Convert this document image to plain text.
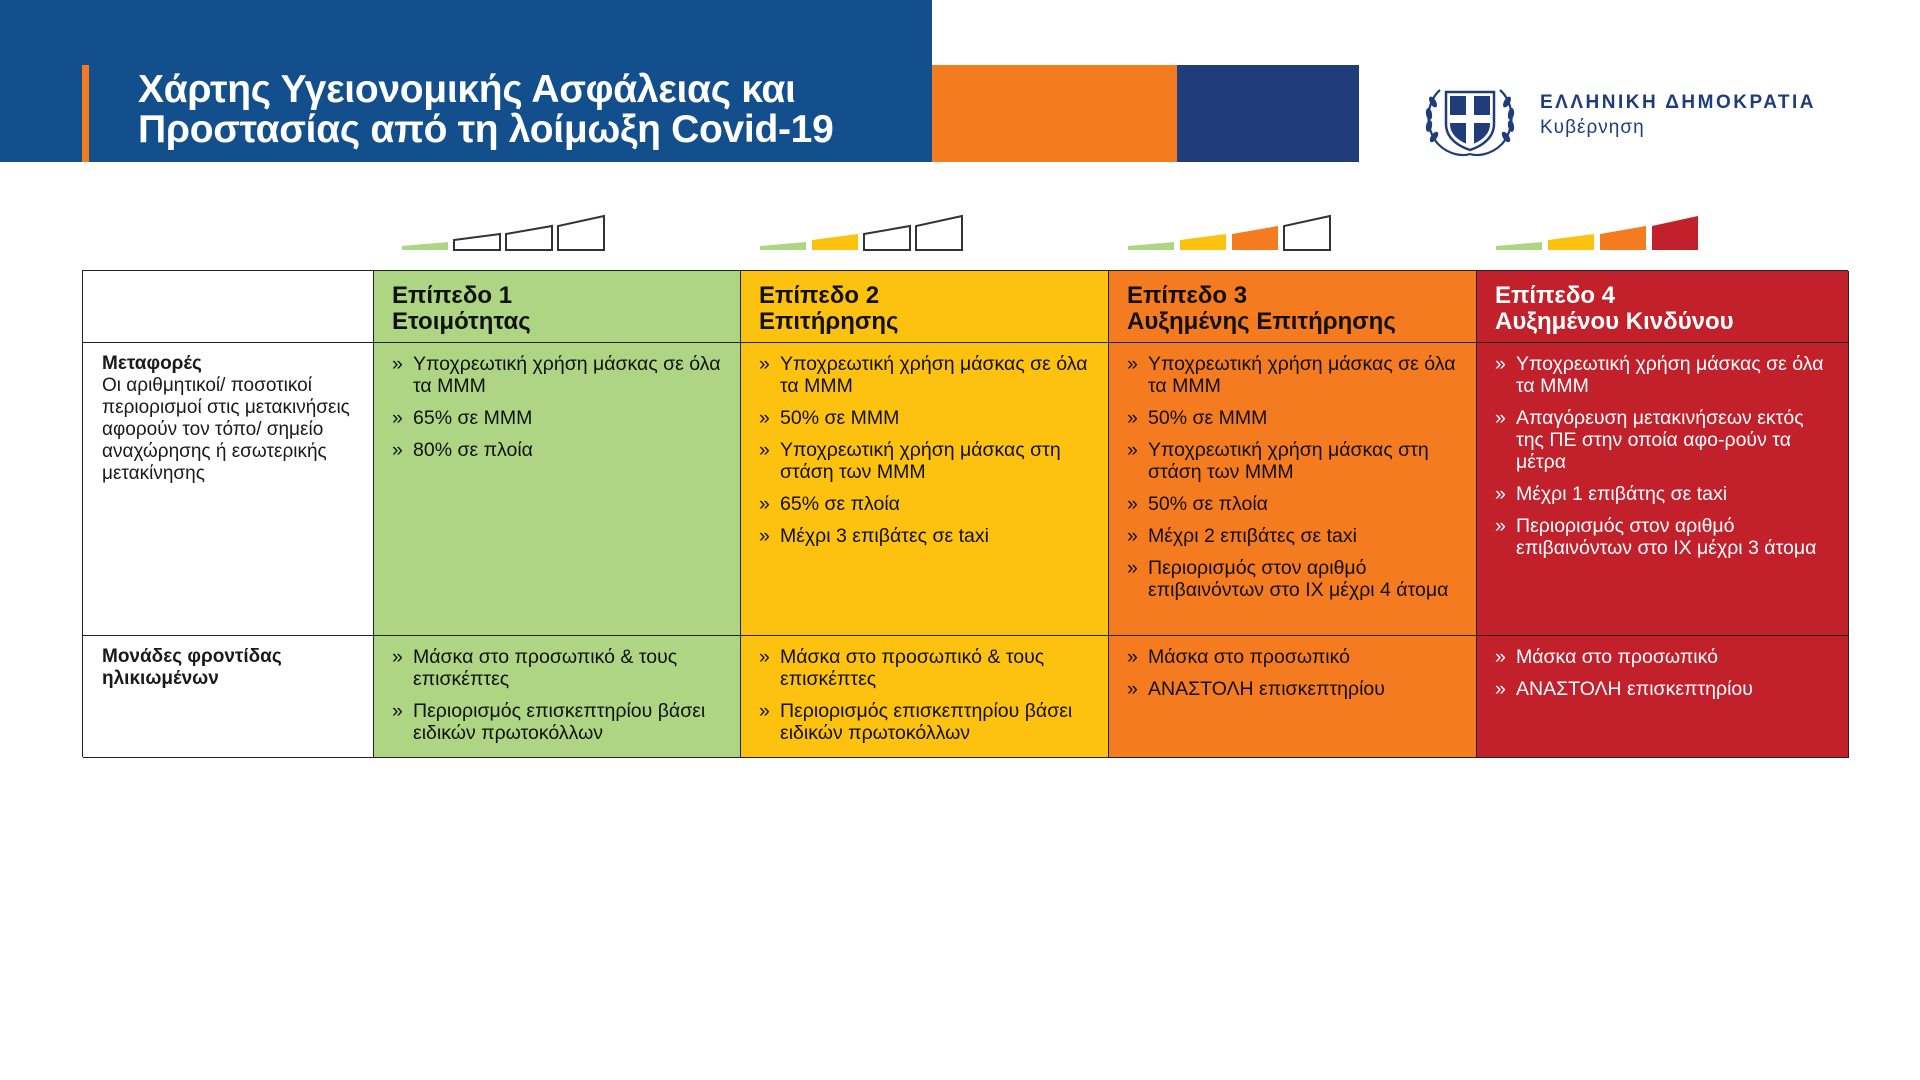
Χάρτης Υγειονομικής Ασφάλειας και
Προστασίας από τη λοίμωξη Covid-19
ΕΛΛΗΝΙΚΗ ΔΗΜΟΚΡΑΤΙΑ
Κυβέρνηση
Επίπεδο 1
Ετοιμότητας
Επίπεδο 2
Επιτήρησης
Επίπεδο 3
Αυξημένης Επιτήρησης
Επίπεδο 4
Αυξημένου Κινδύνου
Μεταφορές
Οι αριθμητικοί/ ποσοτικοί περιορισμοί στις μετακινήσεις αφορούν τον τόπο/ σημείο αναχώρησης ή εσωτερικής μετακίνησης
» Υποχρεωτική χρήση μάσκας σε όλα τα ΜΜΜ
» 65% σε ΜΜΜ
» 80% σε πλοία
» Υποχρεωτική χρήση μάσκας σε όλα τα ΜΜΜ
» 50% σε ΜΜΜ
» Υποχρεωτική χρήση μάσκας στη στάση των ΜΜΜ
» 65% σε πλοία
» Μέχρι 3 επιβάτες σε taxi
» Υποχρεωτική χρήση μάσκας σε όλα τα ΜΜΜ
» 50% σε ΜΜΜ
» Υποχρεωτική χρήση μάσκας στη στάση των ΜΜΜ
» 50% σε πλοία
» Μέχρι 2 επιβάτες σε taxi
» Περιορισμός στον αριθμό επιβαινόντων στο ΙΧ μέχρι 4 άτομα
» Υποχρεωτική χρήση μάσκας σε όλα τα ΜΜΜ
» Απαγόρευση μετακινήσεων εκτός της ΠΕ στην οποία αφο-ρούν τα μέτρα
» Μέχρι 1 επιβάτης σε taxi
» Περιορισμός στον αριθμό επιβαινόντων στο ΙΧ μέχρι 3 άτομα
Μονάδες φροντίδας ηλικιωμένων
» Μάσκα στο προσωπικό & τους επισκέπτες
» Περιορισμός επισκεπτηρίου βάσει ειδικών πρωτοκόλλων
» Μάσκα στο προσωπικό & τους επισκέπτες
» Περιορισμός επισκεπτηρίου βάσει ειδικών πρωτοκόλλων
» Μάσκα στο προσωπικό
» ΑΝΑΣΤΟΛΗ επισκεπτηρίου
» Μάσκα στο προσωπικό
» ΑΝΑΣΤΟΛΗ επισκεπτηρίου
